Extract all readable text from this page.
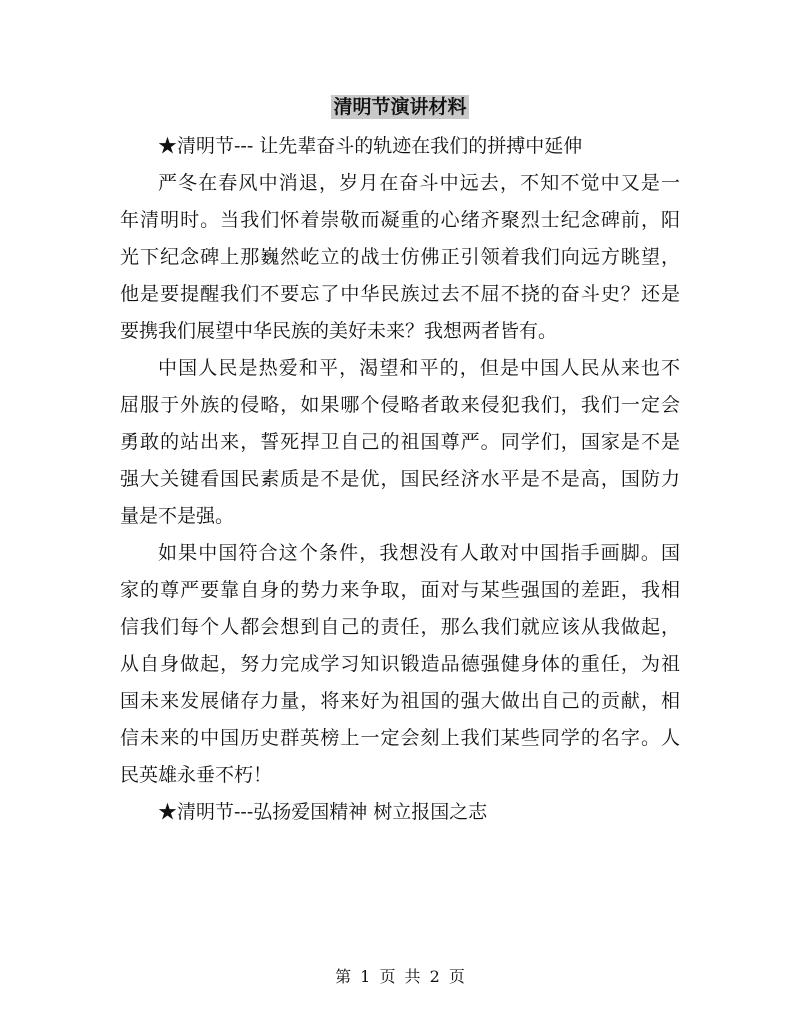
清明节演讲材料
★清明节--- 让先辈奋斗的轨迹在我们的拼搏中延伸
严冬在春风中消退，岁月在奋斗中远去，不知不觉中又是一
年清明时。当我们怀着崇敬而凝重的心绪齐聚烈士纪念碑前，阳
光下纪念碑上那巍然屹立的战士仿佛正引领着我们向远方眺望，
他是要提醒我们不要忘了中华民族过去不屈不挠的奋斗史？还是
要携我们展望中华民族的美好未来？我想两者皆有。
中国人民是热爱和平，渴望和平的，但是中国人民从来也不
屈服于外族的侵略，如果哪个侵略者敢来侵犯我们，我们一定会
勇敢的站出来，誓死捍卫自己的祖国尊严。同学们，国家是不是
强大关键看国民素质是不是优，国民经济水平是不是高，国防力
量是不是强。
如果中国符合这个条件，我想没有人敢对中国指手画脚。国
家的尊严要靠自身的势力来争取，面对与某些强国的差距，我相
信我们每个人都会想到自己的责任，那么我们就应该从我做起，
从自身做起，努力完成学习知识锻造品德强健身体的重任，为祖
国未来发展储存力量，将来好为祖国的强大做出自己的贡献，相
信未来的中国历史群英榜上一定会刻上我们某些同学的名字。人
民英雄永垂不朽！
★清明节---弘扬爱国精神 树立报国之志
第 1 页 共 2 页
